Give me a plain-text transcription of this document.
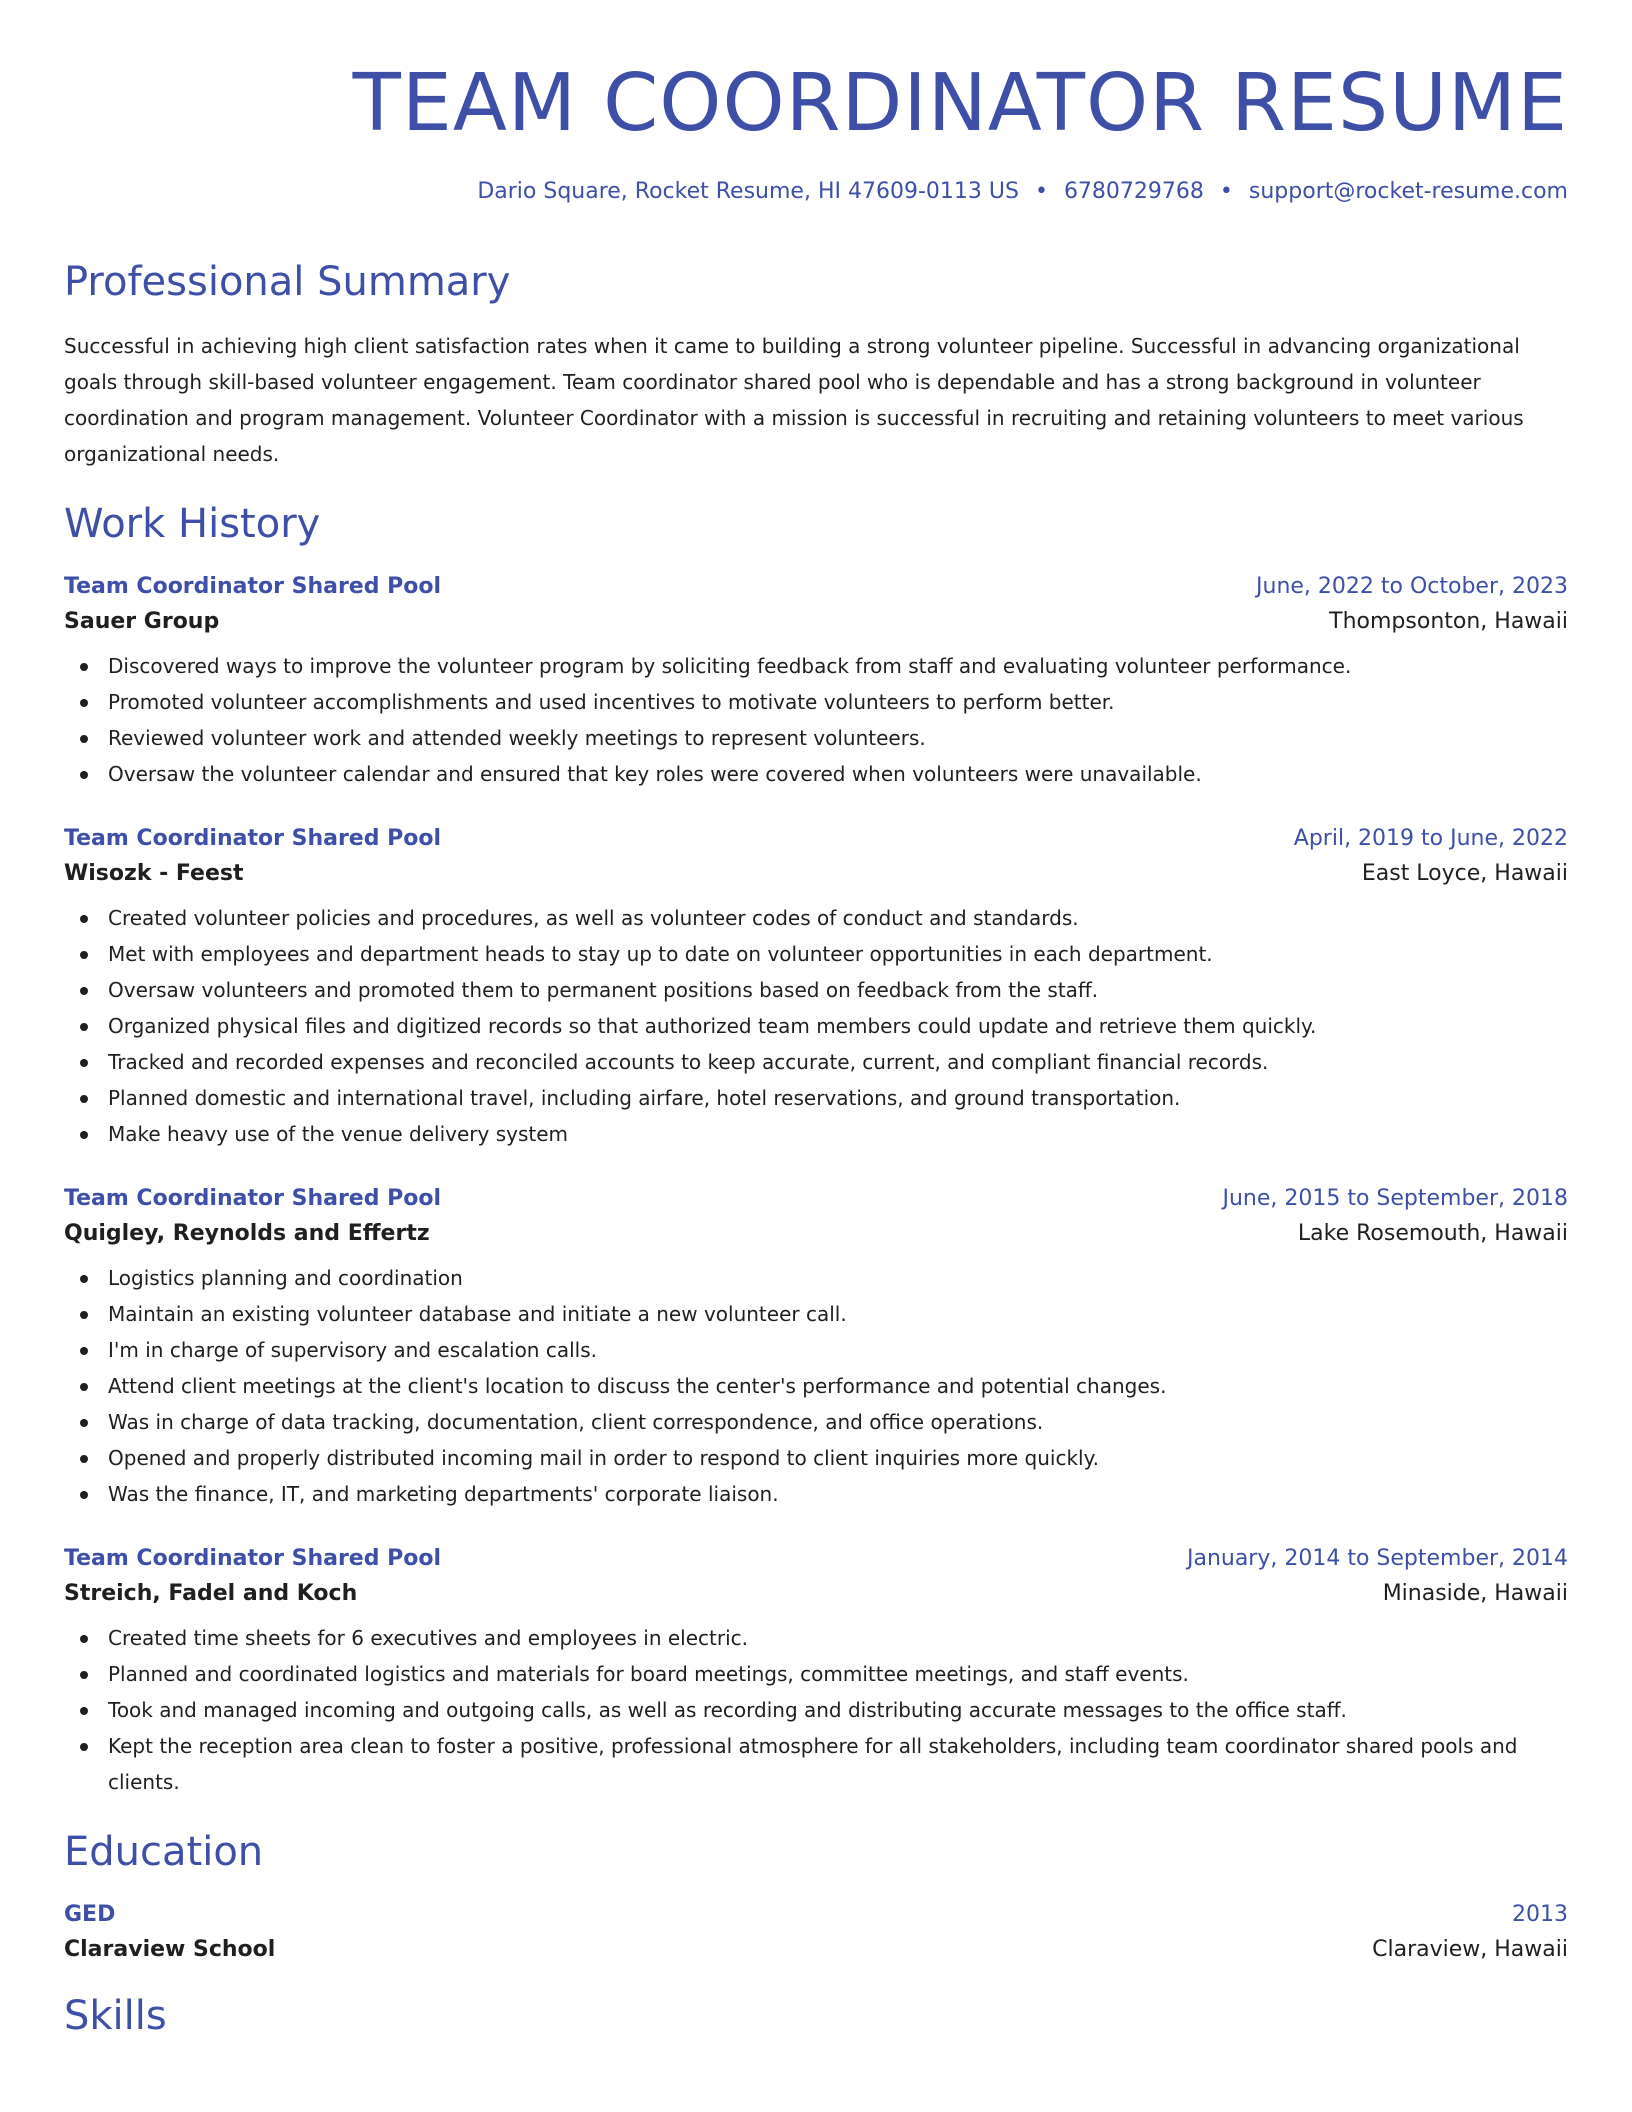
TEAM COORDINATOR RESUME
Dario Square, Rocket Resume, HI 47609-0113 US • 6780729768 • support@rocket-resume.com
Professional Summary

Successful in achieving high client satisfaction rates when it came to building a strong volunteer pipeline. Successful in advancing organizational goals through skill-based volunteer engagement. Team coordinator shared pool who is dependable and has a strong background in volunteer coordination and program management. Volunteer Coordinator with a mission is successful in recruiting and retaining volunteers to meet various organizational needs.

Work History
Team Coordinator Shared Pool	June, 2022 to October, 2023
Sauer Group	Thompsonton, Hawaii
Discovered ways to improve the volunteer program by soliciting feedback from staff and evaluating volunteer performance.
Promoted volunteer accomplishments and used incentives to motivate volunteers to perform better.
Reviewed volunteer work and attended weekly meetings to represent volunteers.
Oversaw the volunteer calendar and ensured that key roles were covered when volunteers were unavailable.
Team Coordinator Shared Pool	April, 2019 to June, 2022
Wisozk - Feest	East Loyce, Hawaii
Created volunteer policies and procedures, as well as volunteer codes of conduct and standards.
Met with employees and department heads to stay up to date on volunteer opportunities in each department.
Oversaw volunteers and promoted them to permanent positions based on feedback from the staff.
Organized physical files and digitized records so that authorized team members could update and retrieve them quickly.
Tracked and recorded expenses and reconciled accounts to keep accurate, current, and compliant financial records.
Planned domestic and international travel, including airfare, hotel reservations, and ground transportation.
Make heavy use of the venue delivery system
Team Coordinator Shared Pool	June, 2015 to September, 2018
Quigley, Reynolds and Effertz	Lake Rosemouth, Hawaii
Logistics planning and coordination
Maintain an existing volunteer database and initiate a new volunteer call.
I'm in charge of supervisory and escalation calls.
Attend client meetings at the client's location to discuss the center's performance and potential changes.
Was in charge of data tracking, documentation, client correspondence, and office operations.
Opened and properly distributed incoming mail in order to respond to client inquiries more quickly.
Was the finance, IT, and marketing departments' corporate liaison.
Team Coordinator Shared Pool	January, 2014 to September, 2014
Streich, Fadel and Koch	Minaside, Hawaii
Created time sheets for 6 executives and employees in electric.
Planned and coordinated logistics and materials for board meetings, committee meetings, and staff events.
Took and managed incoming and outgoing calls, as well as recording and distributing accurate messages to the office staff.
Kept the reception area clean to foster a positive, professional atmosphere for all stakeholders, including team coordinator shared pools and clients.
Education
GED	2013
Claraview School	Claraview, Hawaii
Skills
